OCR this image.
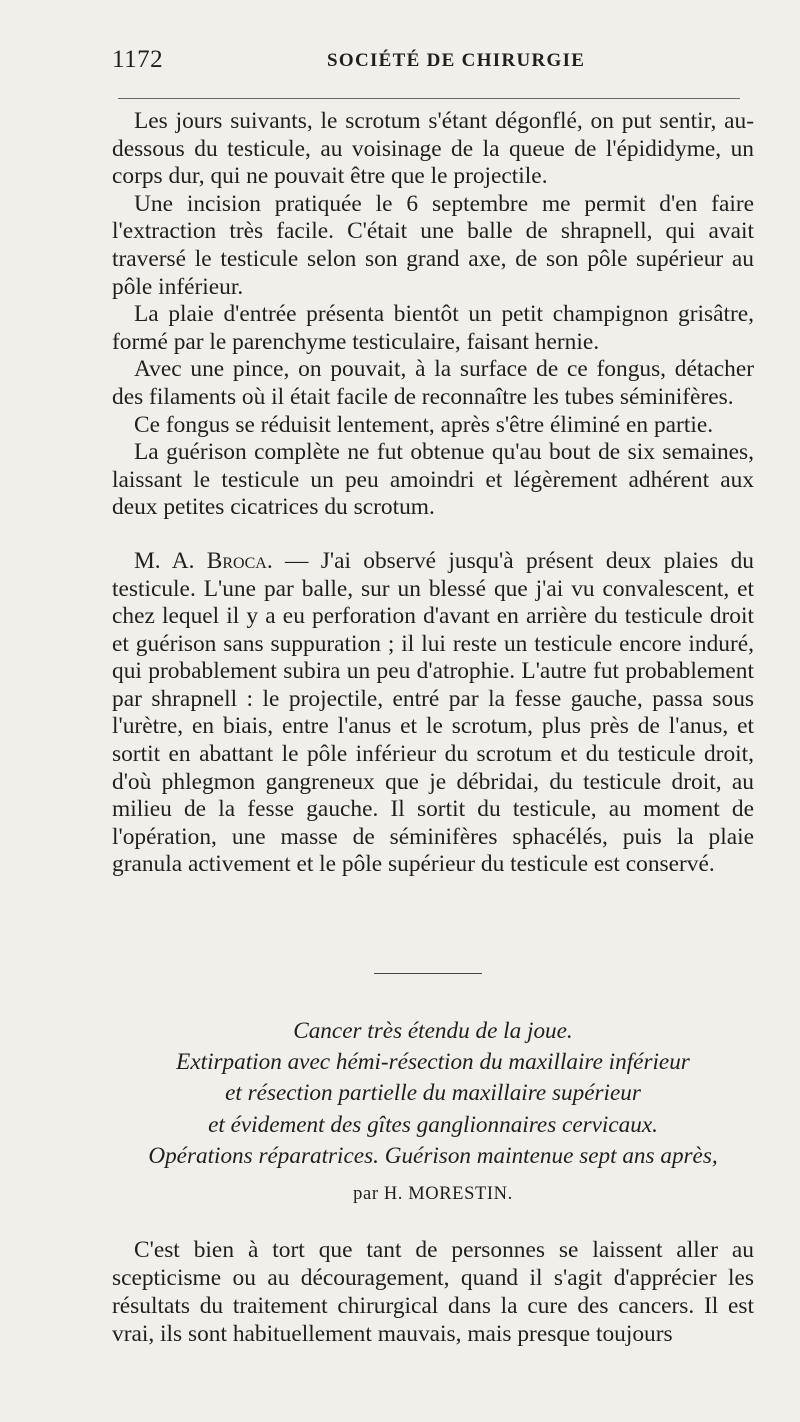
1172	SOCIÉTÉ DE CHIRURGIE

Les jours suivants, le scrotum s'étant dégonflé, on put sentir, au-dessous du testicule, au voisinage de la queue de l'épididyme, un corps dur, qui ne pouvait être que le projectile.

Une incision pratiquée le 6 septembre me permit d'en faire l'extraction très facile. C'était une balle de shrapnell, qui avait traversé le testicule selon son grand axe, de son pôle supérieur au pôle inférieur.

La plaie d'entrée présenta bientôt un petit champignon grisâtre, formé par le parenchyme testiculaire, faisant hernie.

Avec une pince, on pouvait, à la surface de ce fongus, détacher des filaments où il était facile de reconnaître les tubes séminifères.

Ce fongus se réduisit lentement, après s'être éliminé en partie.

La guérison complète ne fut obtenue qu'au bout de six semaines, laissant le testicule un peu amoindri et légèrement adhérent aux deux petites cicatrices du scrotum.

M. A. Broca. — J'ai observé jusqu'à présent deux plaies du testicule. L'une par balle, sur un blessé que j'ai vu convalescent, et chez lequel il y a eu perforation d'avant en arrière du testicule droit et guérison sans suppuration ; il lui reste un testicule encore induré, qui probablement subira un peu d'atrophie. L'autre fut probablement par shrapnell : le projectile, entré par la fesse gauche, passa sous l'urètre, en biais, entre l'anus et le scrotum, plus près de l'anus, et sortit en abattant le pôle inférieur du scrotum et du testicule droit, d'où phlegmon gangreneux que je débridai, du testicule droit, au milieu de la fesse gauche. Il sortit du testicule, au moment de l'opération, une masse de séminifères sphacélés, puis la plaie granula activement et le pôle supérieur du testicule est conservé.

Cancer très étendu de la joue.
Extirpation avec hémi-résection du maxillaire inférieur
et résection partielle du maxillaire supérieur
et évidement des gîtes ganglionnaires cervicaux.
Opérations réparatrices. Guérison maintenue sept ans après,
par H. MORESTIN.

C'est bien à tort que tant de personnes se laissent aller au scepticisme ou au découragement, quand il s'agit d'apprécier les résultats du traitement chirurgical dans la cure des cancers. Il est vrai, ils sont habituellement mauvais, mais presque toujours
